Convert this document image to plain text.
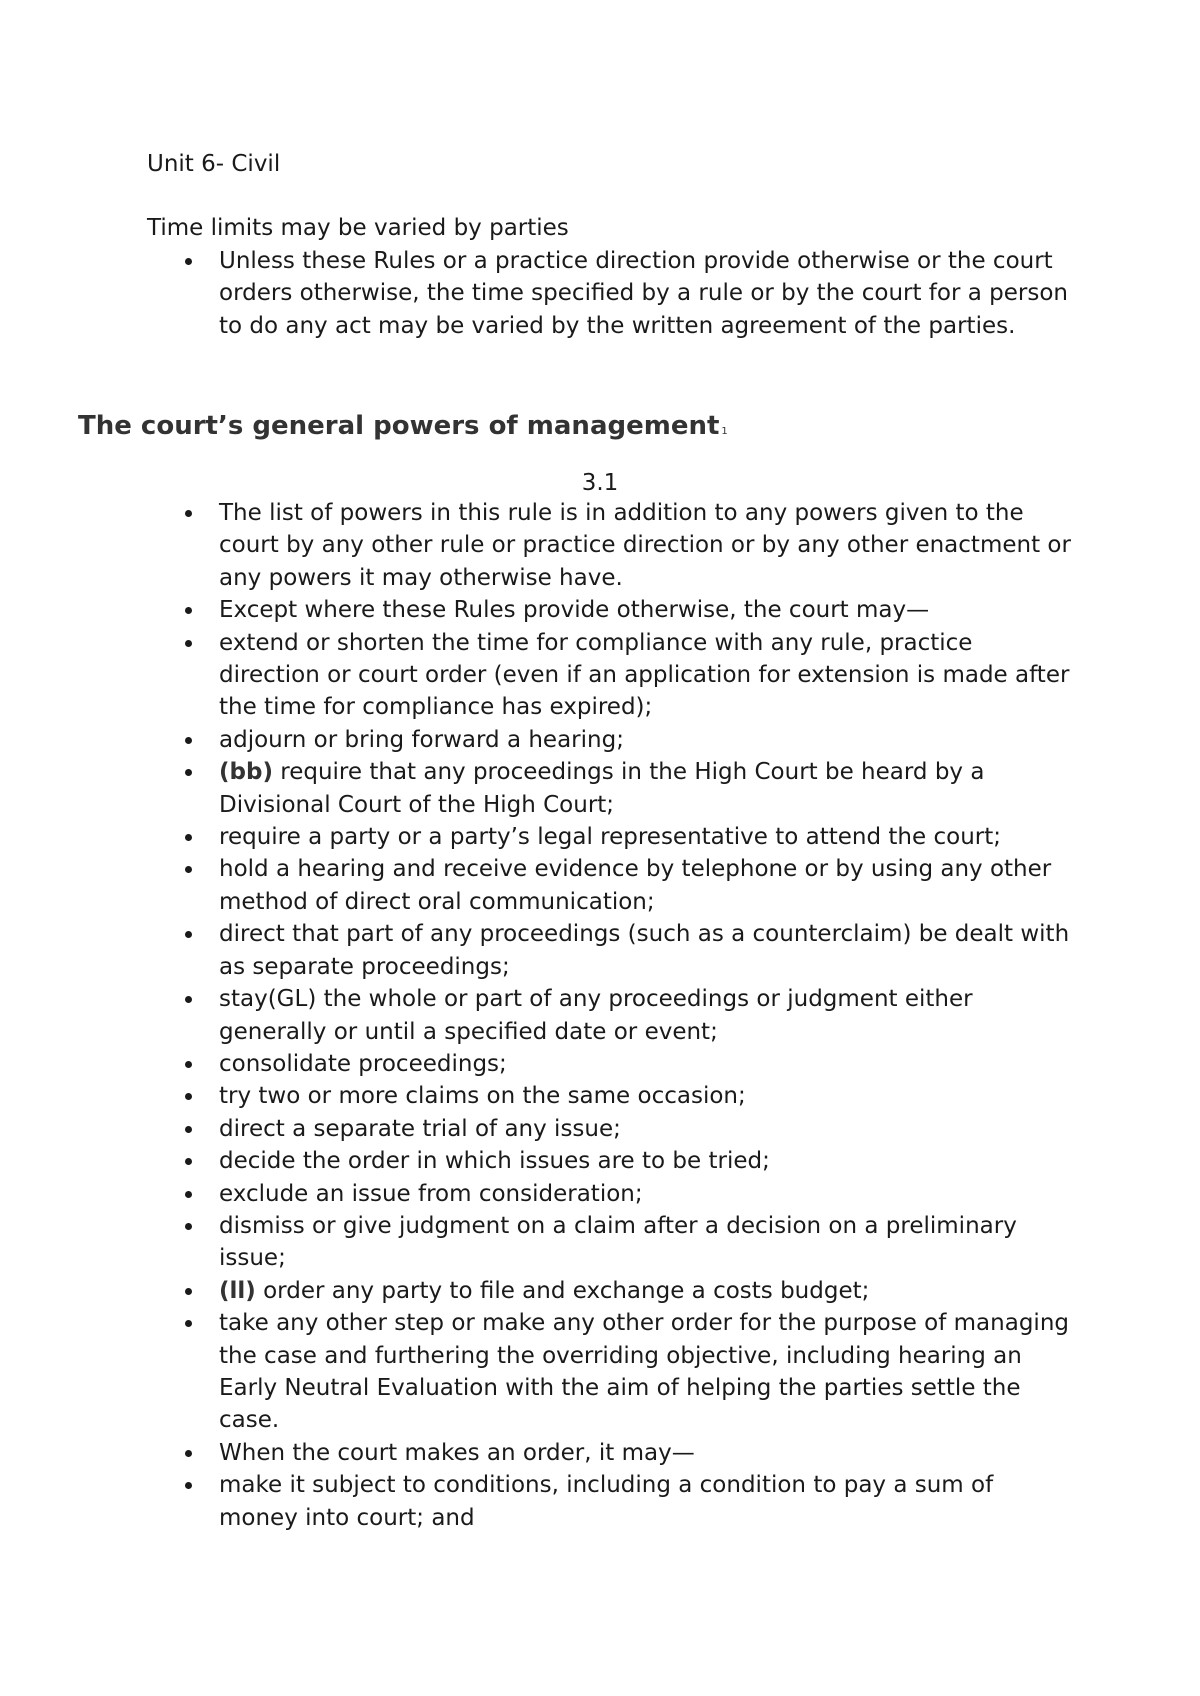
Unit 6- Civil
Time limits may be varied by parties
Unless these Rules or a practice direction provide otherwise or the court orders otherwise, the time specified by a rule or by the court for a person to do any act may be varied by the written agreement of the parties.
The court’s general powers of management $^1$
3.1
The list of powers in this rule is in addition to any powers given to the court by any other rule or practice direction or by any other enactment or any powers it may otherwise have.
Except where these Rules provide otherwise, the court may—
extend or shorten the time for compliance with any rule, practice direction or court order (even if an application for extension is made after the time for compliance has expired);
adjourn or bring forward a hearing;
(bb) require that any proceedings in the High Court be heard by a Divisional Court of the High Court;
require a party or a party’s legal representative to attend the court;
hold a hearing and receive evidence by telephone or by using any other method of direct oral communication;
direct that part of any proceedings (such as a counterclaim) be dealt with as separate proceedings;
stay(GL) the whole or part of any proceedings or judgment either generally or until a specified date or event;
consolidate proceedings;
try two or more claims on the same occasion;
direct a separate trial of any issue;
decide the order in which issues are to be tried;
exclude an issue from consideration;
dismiss or give judgment on a claim after a decision on a preliminary issue;
(ll) order any party to file and exchange a costs budget;
take any other step or make any other order for the purpose of managing the case and furthering the overriding objective, including hearing an Early Neutral Evaluation with the aim of helping the parties settle the case.
When the court makes an order, it may—
make it subject to conditions, including a condition to pay a sum of money into court; and
